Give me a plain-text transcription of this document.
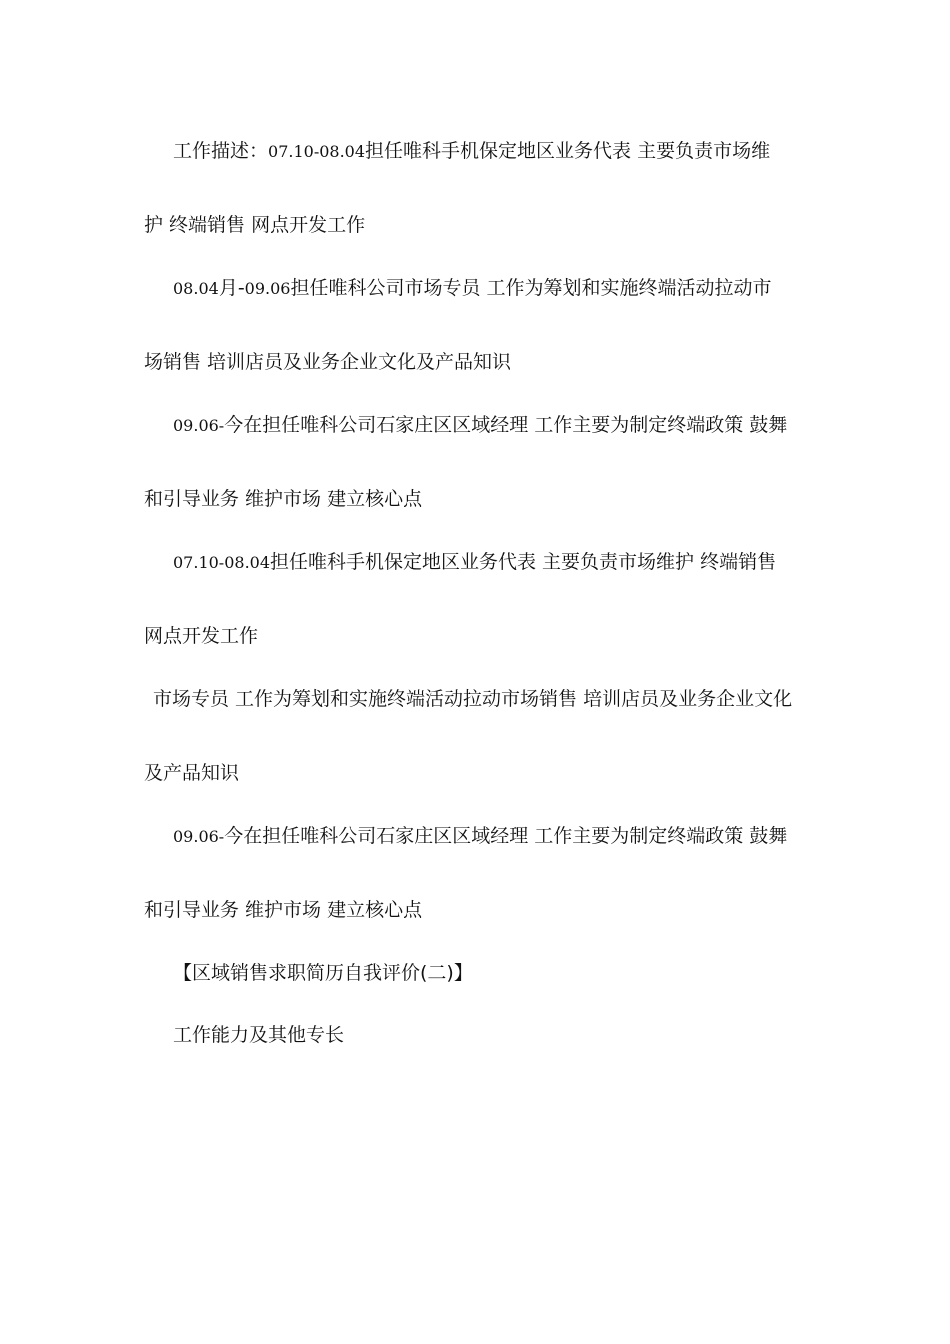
工作描述：07.10-08.04担任唯科手机保定地区业务代表 主要负责市场维
护 终端销售 网点开发工作
08.04月-09.06担任唯科公司市场专员 工作为筹划和实施终端活动拉动市
场销售 培训店员及业务企业文化及产品知识
09.06-今在担任唯科公司石家庄区区域经理 工作主要为制定终端政策 鼓舞
和引导业务 维护市场 建立核心点
07.10-08.04担任唯科手机保定地区业务代表 主要负责市场维护 终端销售
网点开发工作
市场专员 工作为筹划和实施终端活动拉动市场销售 培训店员及业务企业文化
及产品知识
09.06-今在担任唯科公司石家庄区区域经理 工作主要为制定终端政策 鼓舞
和引导业务 维护市场 建立核心点
【区域销售求职简历自我评价(二)】
工作能力及其他专长
